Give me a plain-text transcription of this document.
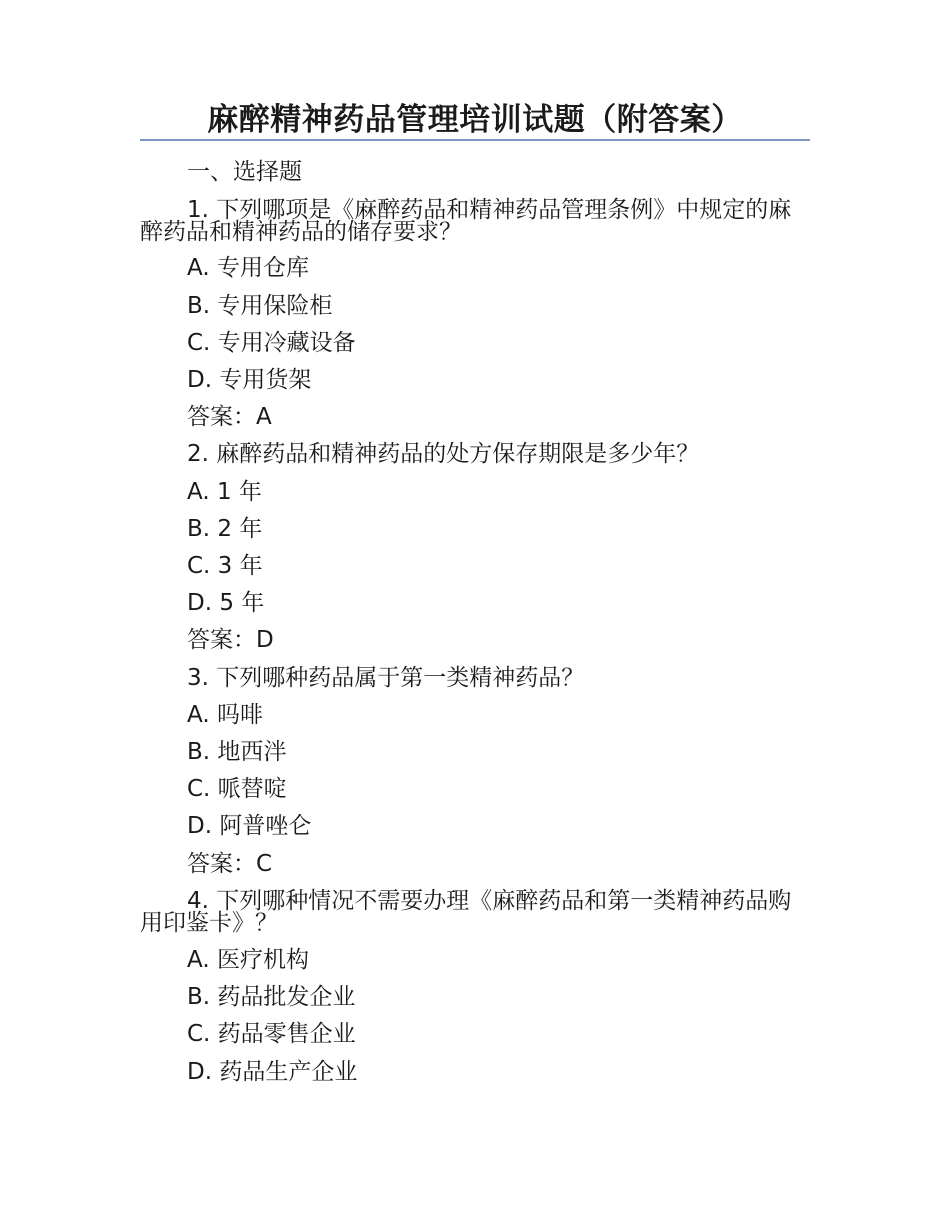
麻醉精神药品管理培训试题（附答案）
一、选择题
1. 下列哪项是《麻醉药品和精神药品管理条例》中规定的麻醉药品和精神药品的储存要求？
A. 专用仓库
B. 专用保险柜
C. 专用冷藏设备
D. 专用货架
答案：A
2. 麻醉药品和精神药品的处方保存期限是多少年？
A. 1 年
B. 2 年
C. 3 年
D. 5 年
答案：D
3. 下列哪种药品属于第一类精神药品？
A. 吗啡
B. 地西泮
C. 哌替啶
D. 阿普唑仑
答案：C
4. 下列哪种情况不需要办理《麻醉药品和第一类精神药品购用印鉴卡》？
A. 医疗机构
B. 药品批发企业
C. 药品零售企业
D. 药品生产企业
